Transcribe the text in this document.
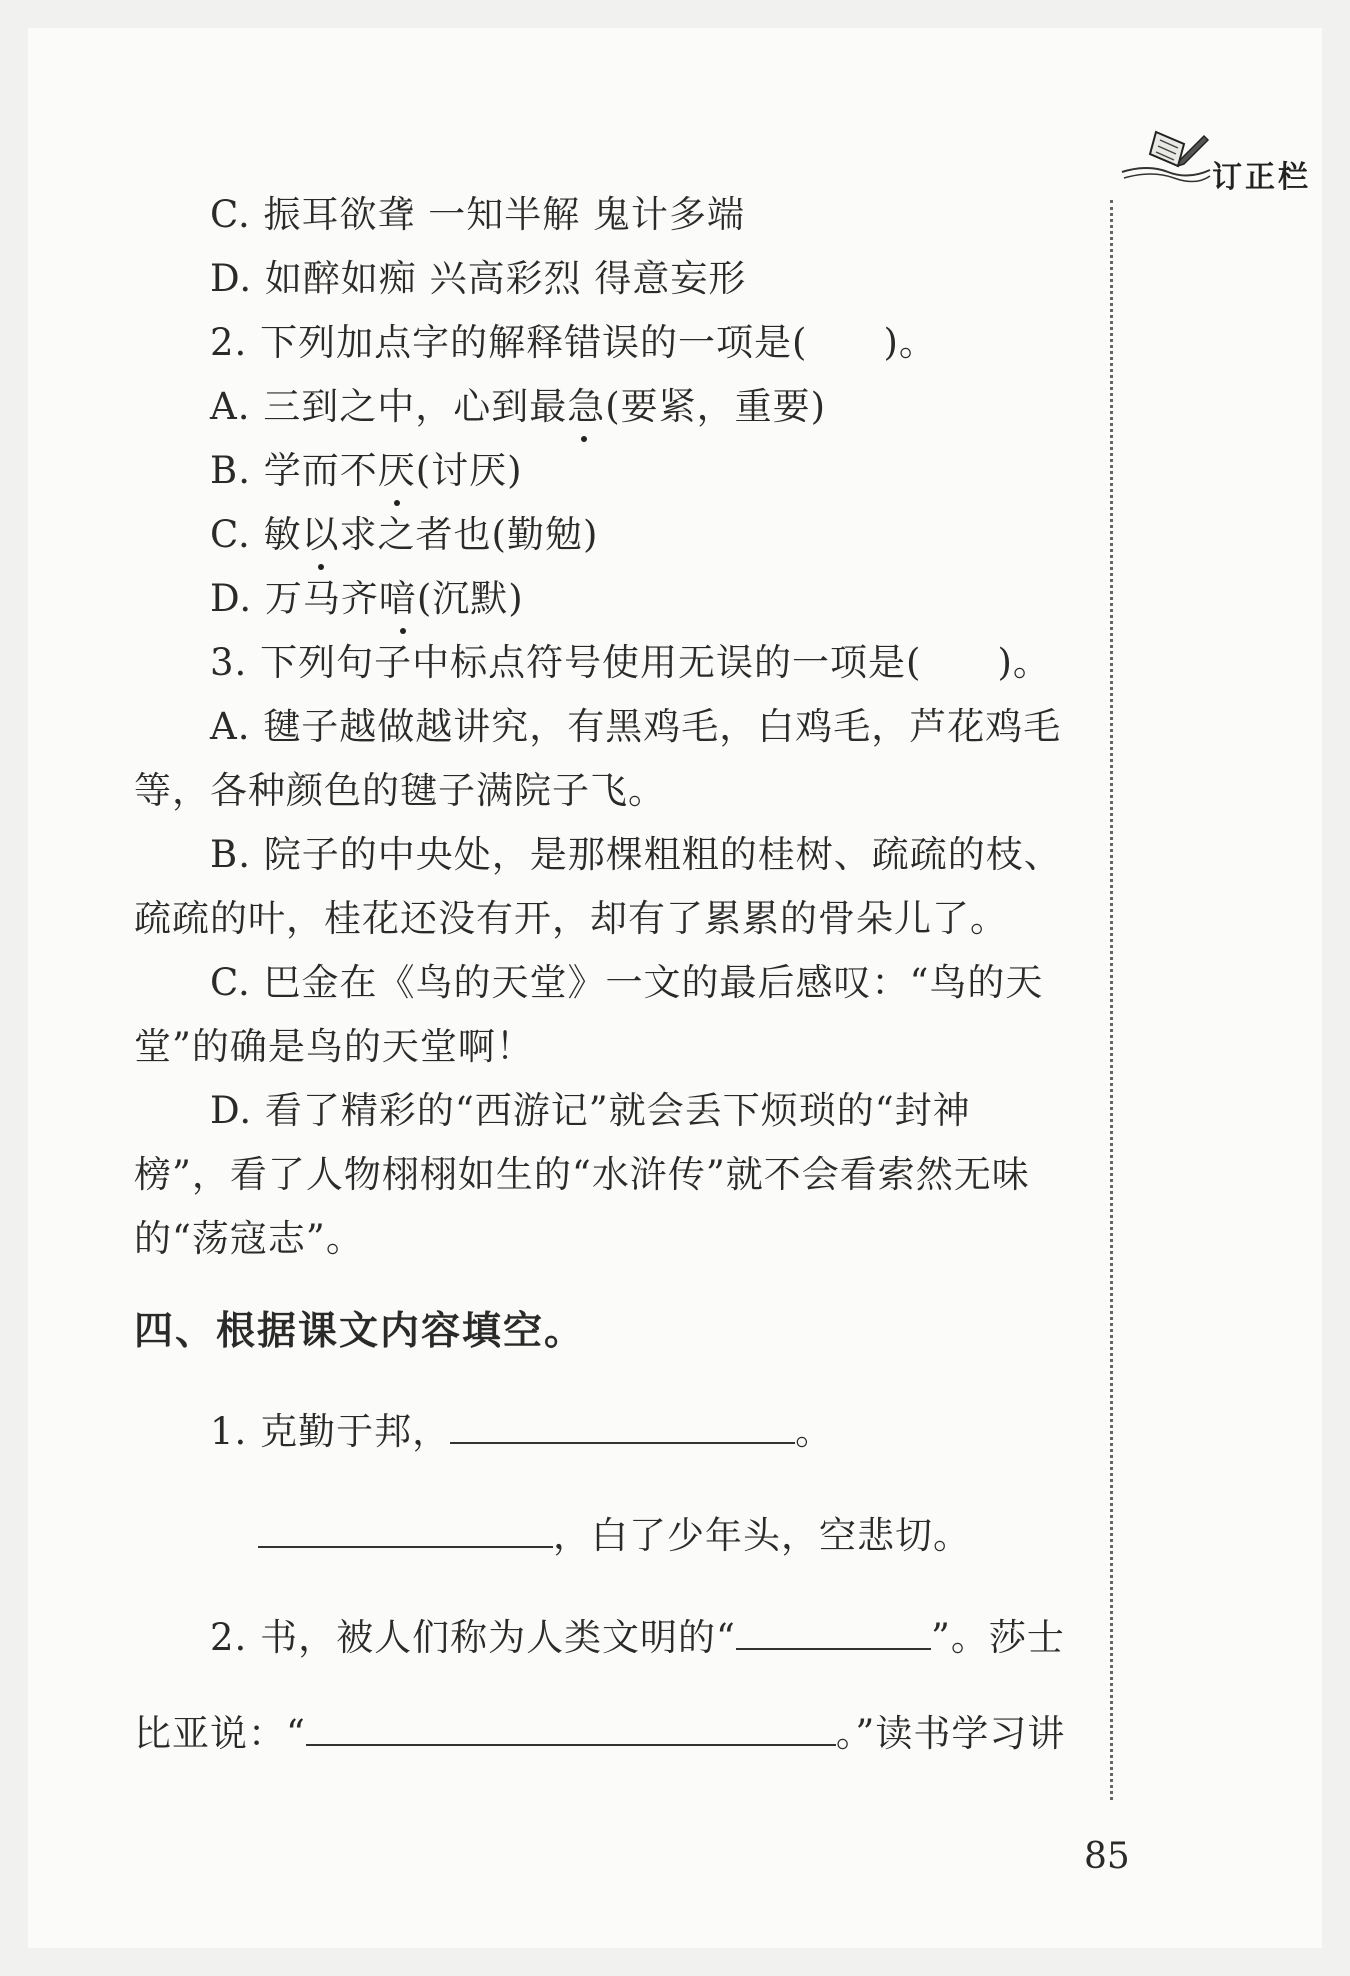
订正栏
C. 振耳欲聋 一知半解 鬼计多端
D. 如醉如痴 兴高彩烈 得意妄形
2. 下列加点字的解释错误的一项是(　　)。
A. 三到之中，心到最急(要紧，重要)
B. 学而不厌(讨厌)
C. 敏以求之者也(勤勉)
D. 万马齐喑(沉默)
3. 下列句子中标点符号使用无误的一项是(　　)。
A. 毽子越做越讲究，有黑鸡毛，白鸡毛，芦花鸡毛
等，各种颜色的毽子满院子飞。
B. 院子的中央处，是那棵粗粗的桂树、疏疏的枝、
疏疏的叶，桂花还没有开，却有了累累的骨朵儿了。
C. 巴金在《鸟的天堂》一文的最后感叹：“鸟的天
堂”的确是鸟的天堂啊！
D. 看了精彩的“西游记”就会丢下烦琐的“封神
榜”，看了人物栩栩如生的“水浒传”就不会看索然无味
的“荡寇志”。
四、根据课文内容填空。
1. 克勤于邦，	。
，白了少年头，空悲切。
2. 书，被人们称为人类文明的“	”。莎士
比亚说：“	。”读书学习讲
85
